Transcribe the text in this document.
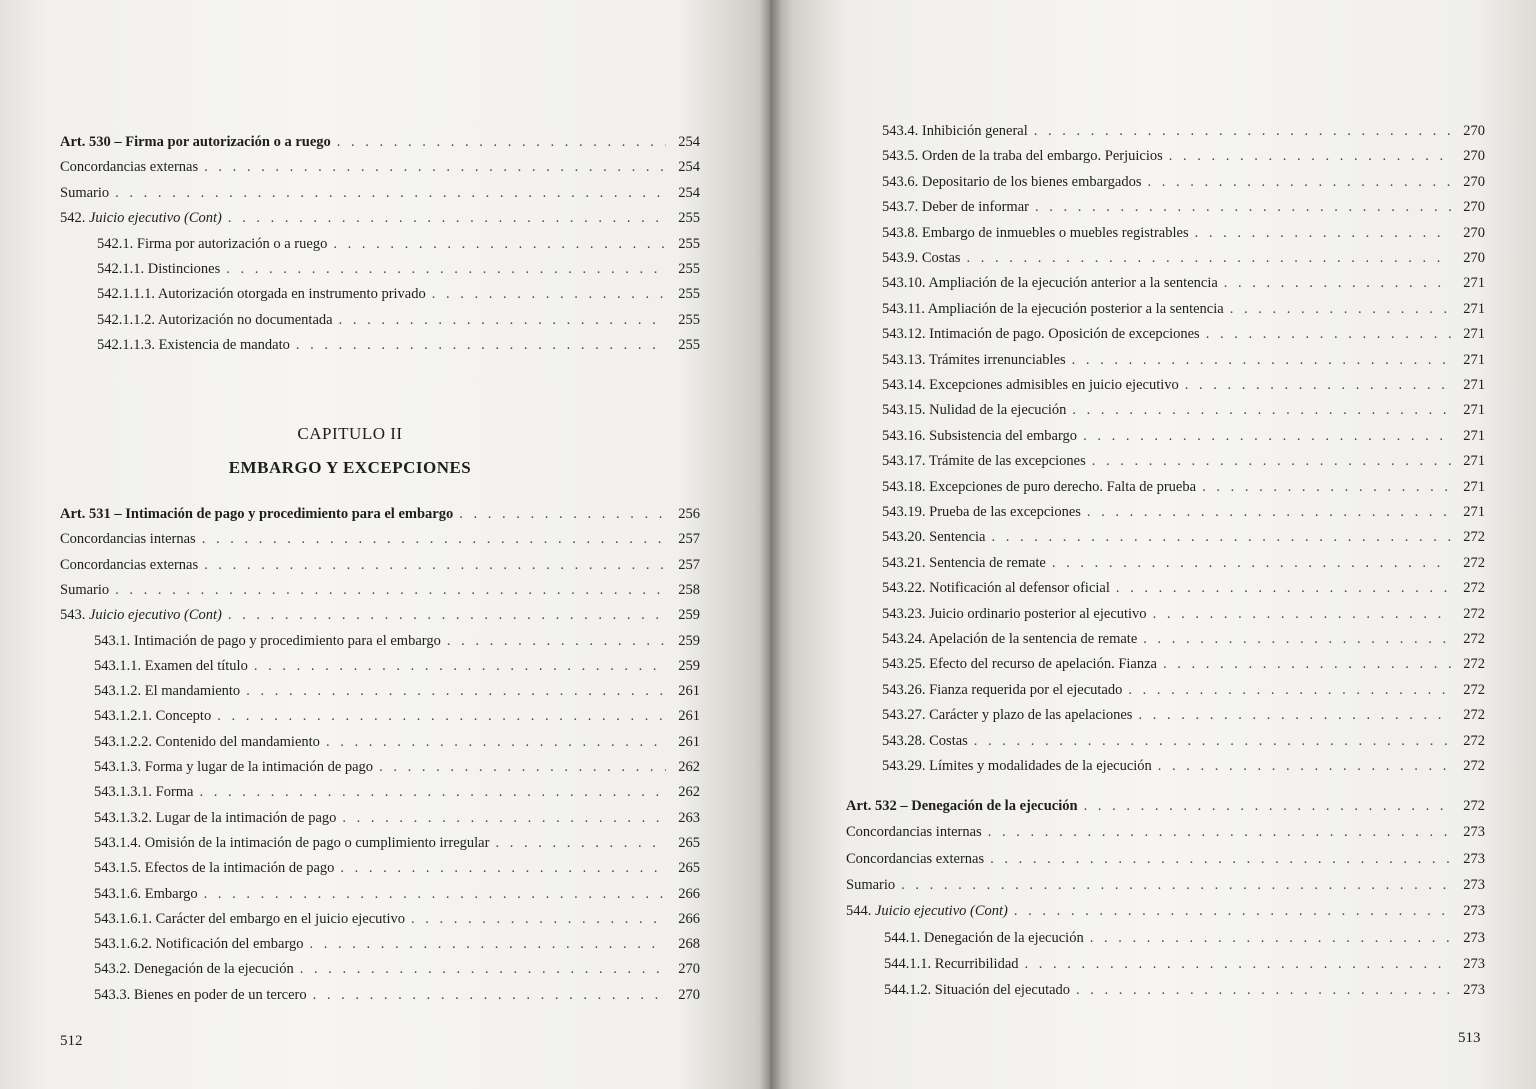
Art. 530 – Firma por autorización o a ruego . . .	254
Concordancias externas . . .	254
Sumario . . .	254
542. Juicio ejecutivo (Cont) . . .	255
542.1. Firma por autorización o a ruego . . .	255
542.1.1. Distinciones . . .	255
542.1.1.1. Autorización otorgada en instrumento privado . . .	255
542.1.1.2. Autorización no documentada . . .	255
542.1.1.3. Existencia de mandato . . .	255
CAPITULO II
EMBARGO Y EXCEPCIONES
Art. 531 – Intimación de pago y procedimiento para el embargo . . .	256
Concordancias internas . . .	257
Concordancias externas . . .	257
Sumario . . .	258
543. Juicio ejecutivo (Cont) . . .	259
543.1. Intimación de pago y procedimiento para el embargo . . .	259
543.1.1. Examen del título . . .	259
543.1.2. El mandamiento . . .	261
543.1.2.1. Concepto . . .	261
543.1.2.2. Contenido del mandamiento . . .	261
543.1.3. Forma y lugar de la intimación de pago . . .	262
543.1.3.1. Forma . . .	262
543.1.3.2. Lugar de la intimación de pago . . .	263
543.1.4. Omisión de la intimación de pago o cumplimiento irregular . . .	265
543.1.5. Efectos de la intimación de pago . . .	265
543.1.6. Embargo . . .	266
543.1.6.1. Carácter del embargo en el juicio ejecutivo . . .	266
543.1.6.2. Notificación del embargo . . .	268
543.2. Denegación de la ejecución . . .	270
543.3. Bienes en poder de un tercero . . .	270
512
543.4. Inhibición general . . .	270
543.5. Orden de la traba del embargo. Perjuicios . . .	270
543.6. Depositario de los bienes embargados . . .	270
543.7. Deber de informar . . .	270
543.8. Embargo de inmuebles o muebles registrables . . .	270
543.9. Costas . . .	270
543.10. Ampliación de la ejecución anterior a la sentencia . . .	271
543.11. Ampliación de la ejecución posterior a la sentencia . . .	271
543.12. Intimación de pago. Oposición de excepciones . . .	271
543.13. Trámites irrenunciables . . .	271
543.14. Excepciones admisibles en juicio ejecutivo . . .	271
543.15. Nulidad de la ejecución . . .	271
543.16. Subsistencia del embargo . . .	271
543.17. Trámite de las excepciones . . .	271
543.18. Excepciones de puro derecho. Falta de prueba . . .	271
543.19. Prueba de las excepciones . . .	271
543.20. Sentencia . . .	272
543.21. Sentencia de remate . . .	272
543.22. Notificación al defensor oficial . . .	272
543.23. Juicio ordinario posterior al ejecutivo . . .	272
543.24. Apelación de la sentencia de remate . . .	272
543.25. Efecto del recurso de apelación. Fianza . . .	272
543.26. Fianza requerida por el ejecutado . . .	272
543.27. Carácter y plazo de las apelaciones . . .	272
543.28. Costas . . .	272
543.29. Límites y modalidades de la ejecución . . .	272
Art. 532 – Denegación de la ejecución . . .	272
Concordancias internas . . .	273
Concordancias externas . . .	273
Sumario . . .	273
544. Juicio ejecutivo (Cont) . . .	273
544.1. Denegación de la ejecución . . .	273
544.1.1. Recurribilidad . . .	273
544.1.2. Situación del ejecutado . . .	273
513
